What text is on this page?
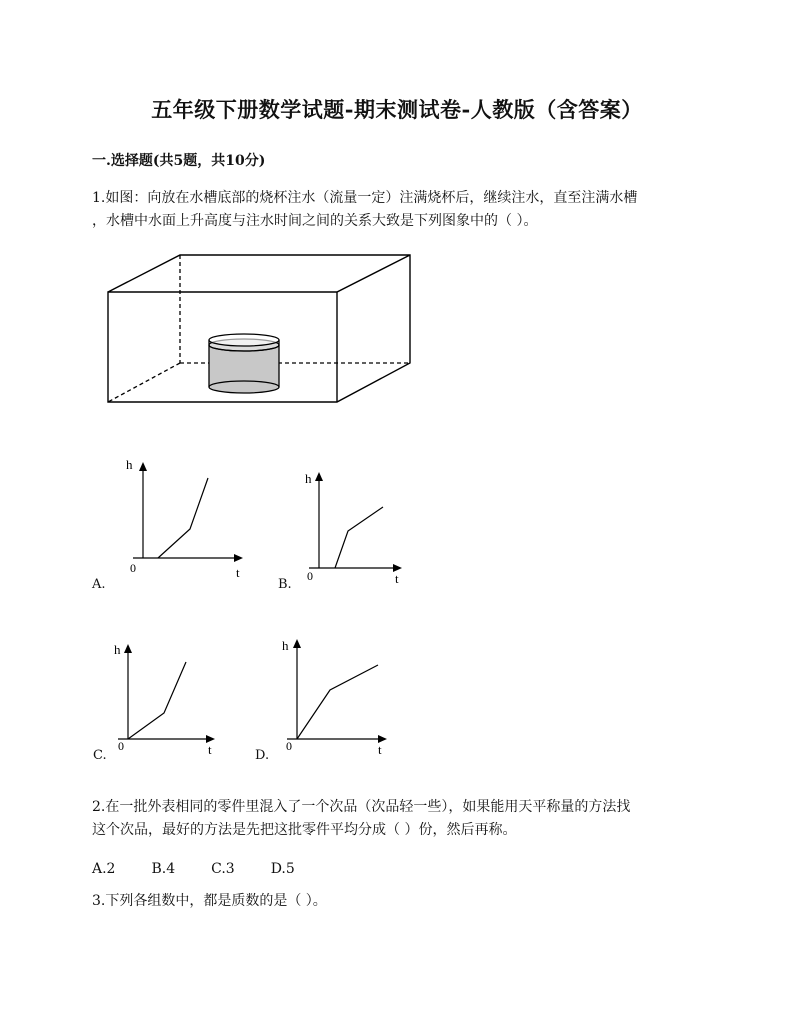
五年级下册数学试题-期末测试卷-人教版（含答案）
一.选择题(共5题，共10分)
1.如图：向放在水槽底部的烧杯注水（流量一定）注满烧杯后，继续注水，直至注满水槽
，水槽中水面上升高度与注水时间之间的关系大致是下列图象中的（ ）。
h
0	t
A.
h
0	t
B.
h
0	t
C.
h
0	t
D.
2.在一批外表相同的零件里混入了一个次品（次品轻一些），如果能用天平称量的方法找
这个次品，最好的方法是先把这批零件平均分成（ ）份，然后再称。
A.2	B.4	C.3	D.5
3.下列各组数中，都是质数的是（ ）。
